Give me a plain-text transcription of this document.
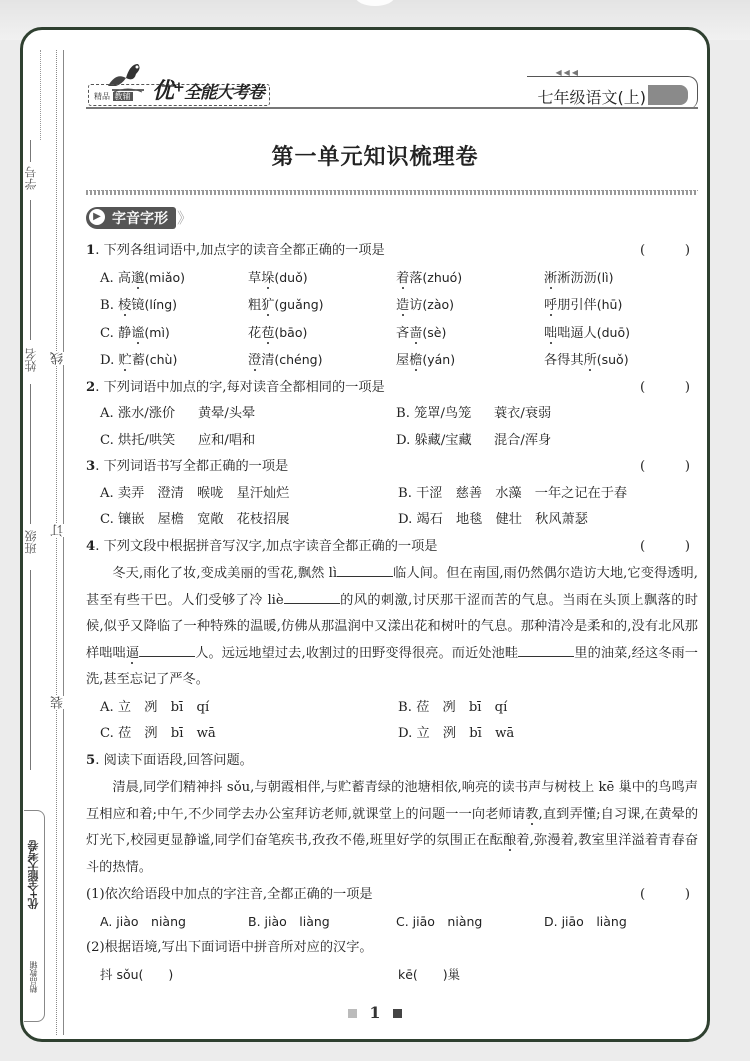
学号
姓名
班级
线
订
装
优+全能大考卷
精品教辅
精品 教辅 优+全能大考卷
◀◀◀
七年级语文(上)
第一单元知识梳理卷
▶ 字音字形 》
1. 下列各组词语中,加点字的读音全都正确的一项是	(	)
A. 高邈(miǎo)	草垛(duǒ)	着落(zhuó)	淅淅沥沥(lì)
B. 棱镜(líng)	粗犷(guǎng)	造访(zào)	呼朋引伴(hū)
C. 静谧(mì)	花苞(bāo)	吝啬(sè)	咄咄逼人(duō)
D. 贮蓄(chù)	澄清(chéng)	屋檐(yán)	各得其所(suǒ)
2. 下列词语中加点的字,每对读音全都相同的一项是	(	)
A. 涨水/涨价	黄晕/头晕	B. 笼罩/鸟笼	蓑衣/衰弱
C. 烘托/哄笑	应和/唱和	D. 躲藏/宝藏	混合/浑身
3. 下列词语书写全都正确的一项是	(	)
A. 卖弄　澄清　喉咙　星汗灿烂	B. 干涩　慈善　水藻　一年之记在于春
C. 镶嵌　屋檐　宽敞　花枝招展	D. 竭石　地毯　健壮　秋风萧瑟
4. 下列文段中根据拼音写汉字,加点字读音全都正确的一项是	(	)
冬天,雨化了妆,变成美丽的雪花,飘然 lì	临人间。但在南国,雨仍然偶尔造访大地,它变得透明,甚至有些干巴。人们受够了冷 liè	的风的刺激,讨厌那干涩而苦的气息。当雨在头顶上飘落的时候,似乎又降临了一种特殊的温暖,仿佛从那温润中又漾出花和树叶的气息。那种清冷是柔和的,没有北风那样咄咄逼	人。远远地望过去,收割过的田野变得很亮。而近处池畦	里的油菜,经这冬雨一洗,甚至忘记了严冬。
A. 立　冽　bī　qí	B. 莅　冽　bī　qí
C. 莅　洌　bī　wā	D. 立　洌　bī　wā
5. 阅读下面语段,回答问题。
清晨,同学们精神抖 sǒu,与朝霞相伴,与贮蓄青绿的池塘相依,响亮的读书声与树枝上 kē 巢中的鸟鸣声互相应和着;中午,不少同学去办公室拜访老师,就课堂上的问题一一向老师请教,直到弄懂;自习课,在黄晕的灯光下,校园更显静谧,同学们奋笔疾书,孜孜不倦,班里好学的氛围正在酝酿着,弥漫着,教室里洋溢着青春奋斗的热情。
(1)依次给语段中加点的字注音,全都正确的一项是	(	)
A. jiào　niàng	B. jiào　liàng	C. jiāo　niàng	D. jiāo　liàng
(2)根据语境,写出下面词语中拼音所对应的汉字。
抖 sǒu(　　)	kē(　　)巢
1
